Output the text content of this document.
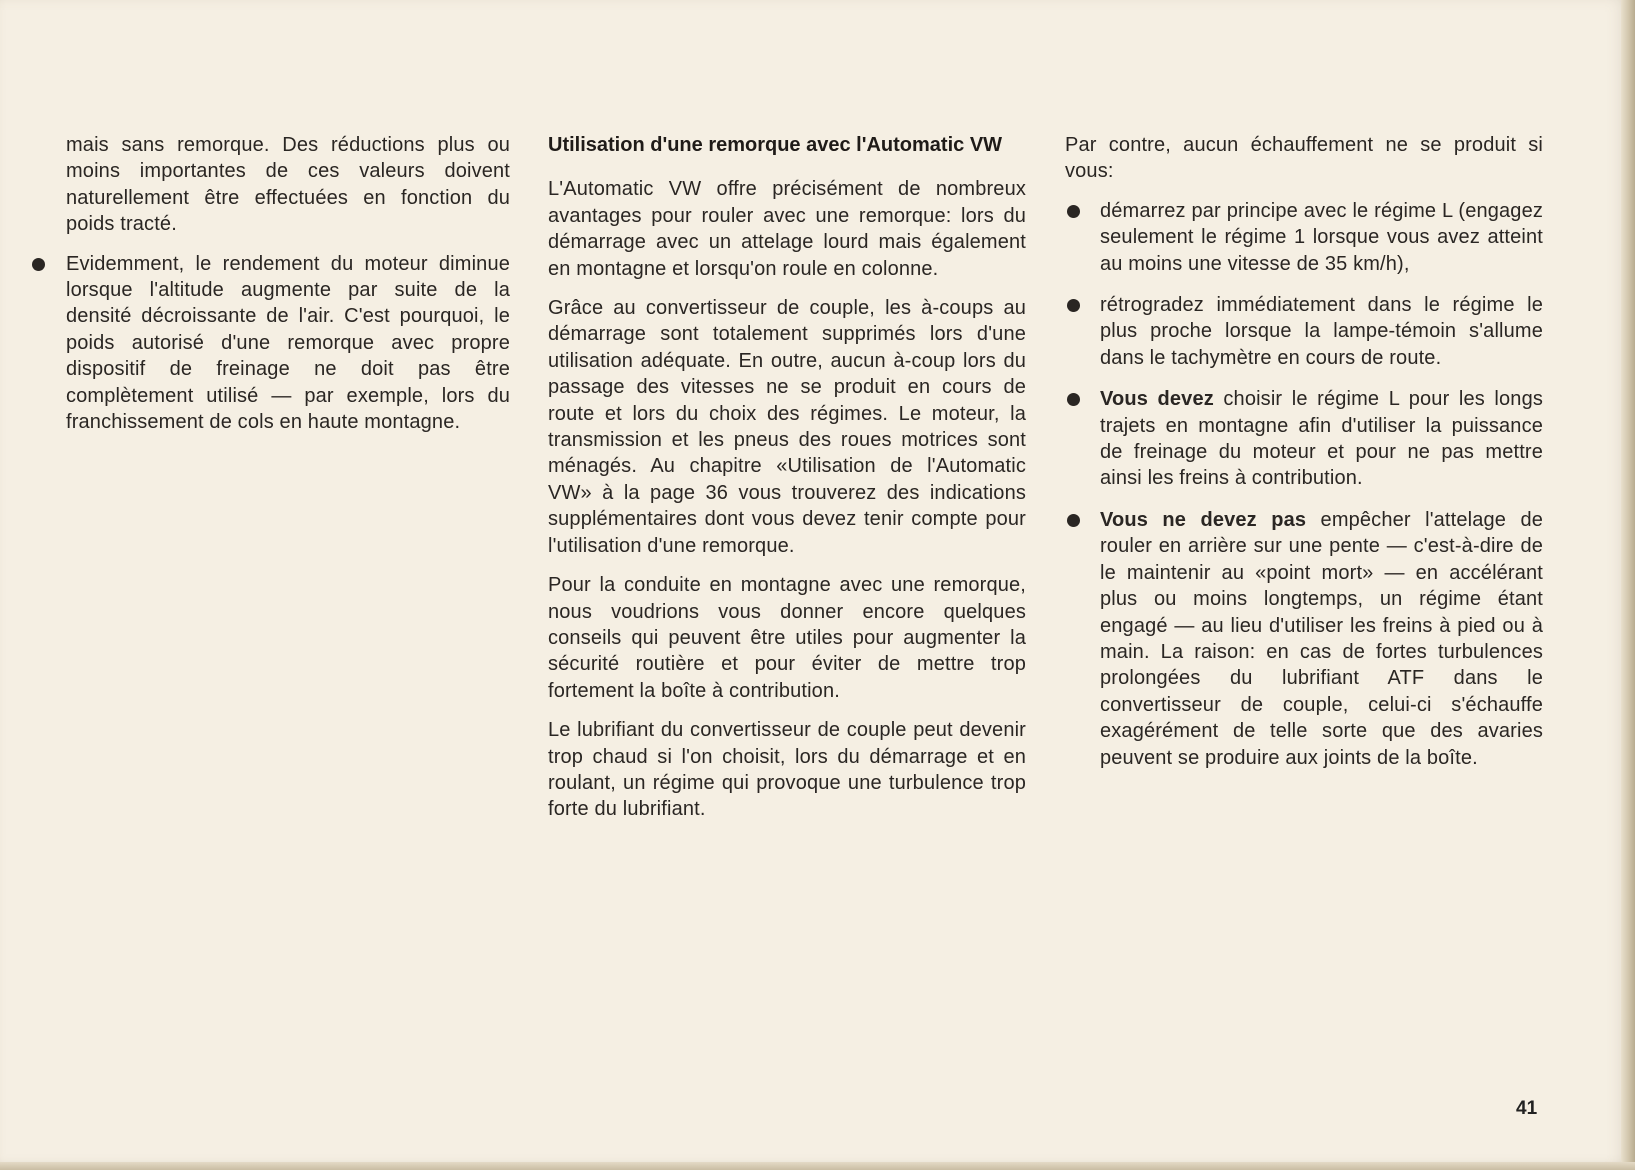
mais sans remorque. Des réductions plus ou moins importantes de ces valeurs doivent naturellement être effectuées en fonction du poids tracté.

Evidemment, le rendement du moteur diminue lorsque l'altitude augmente par suite de la densité décroissante de l'air. C'est pourquoi, le poids autorisé d'une remorque avec propre dispositif de freinage ne doit pas être complètement utilisé — par exemple, lors du franchissement de cols en haute montagne.
Utilisation d'une remorque avec l'Automatic VW

L'Automatic VW offre précisément de nombreux avantages pour rouler avec une remorque: lors du démarrage avec un attelage lourd mais également en montagne et lorsqu'on roule en colonne.

Grâce au convertisseur de couple, les à-coups au démarrage sont totalement supprimés lors d'une utilisation adéquate. En outre, aucun à-coup lors du passage des vitesses ne se produit en cours de route et lors du choix des régimes. Le moteur, la transmission et les pneus des roues motrices sont ménagés. Au chapitre «Utilisation de l'Automatic VW» à la page 36 vous trouverez des indications supplémentaires dont vous devez tenir compte pour l'utilisation d'une remorque.

Pour la conduite en montagne avec une remorque, nous voudrions vous donner encore quelques conseils qui peuvent être utiles pour augmenter la sécurité routière et pour éviter de mettre trop fortement la boîte à contribution.

Le lubrifiant du convertisseur de couple peut devenir trop chaud si l'on choisit, lors du démarrage et en roulant, un régime qui provoque une turbulence trop forte du lubrifiant.

Par contre, aucun échauffement ne se produit si vous:

démarrez par principe avec le régime L (engagez seulement le régime 1 lorsque vous avez atteint au moins une vitesse de 35 km/h),
rétrogradez immédiatement dans le régime le plus proche lorsque la lampe-témoin s'allume dans le tachymètre en cours de route.
Vous devez choisir le régime L pour les longs trajets en montagne afin d'utiliser la puissance de freinage du moteur et pour ne pas mettre ainsi les freins à contribution.
Vous ne devez pas empêcher l'attelage de rouler en arrière sur une pente — c'est-à-dire de le maintenir au «point mort» — en accélérant plus ou moins longtemps, un régime étant engagé — au lieu d'utiliser les freins à pied ou à main. La raison: en cas de fortes turbulences prolongées du lubrifiant ATF dans le convertisseur de couple, celui-ci s'échauffe exagérément de telle sorte que des avaries peuvent se produire aux joints de la boîte.
41
